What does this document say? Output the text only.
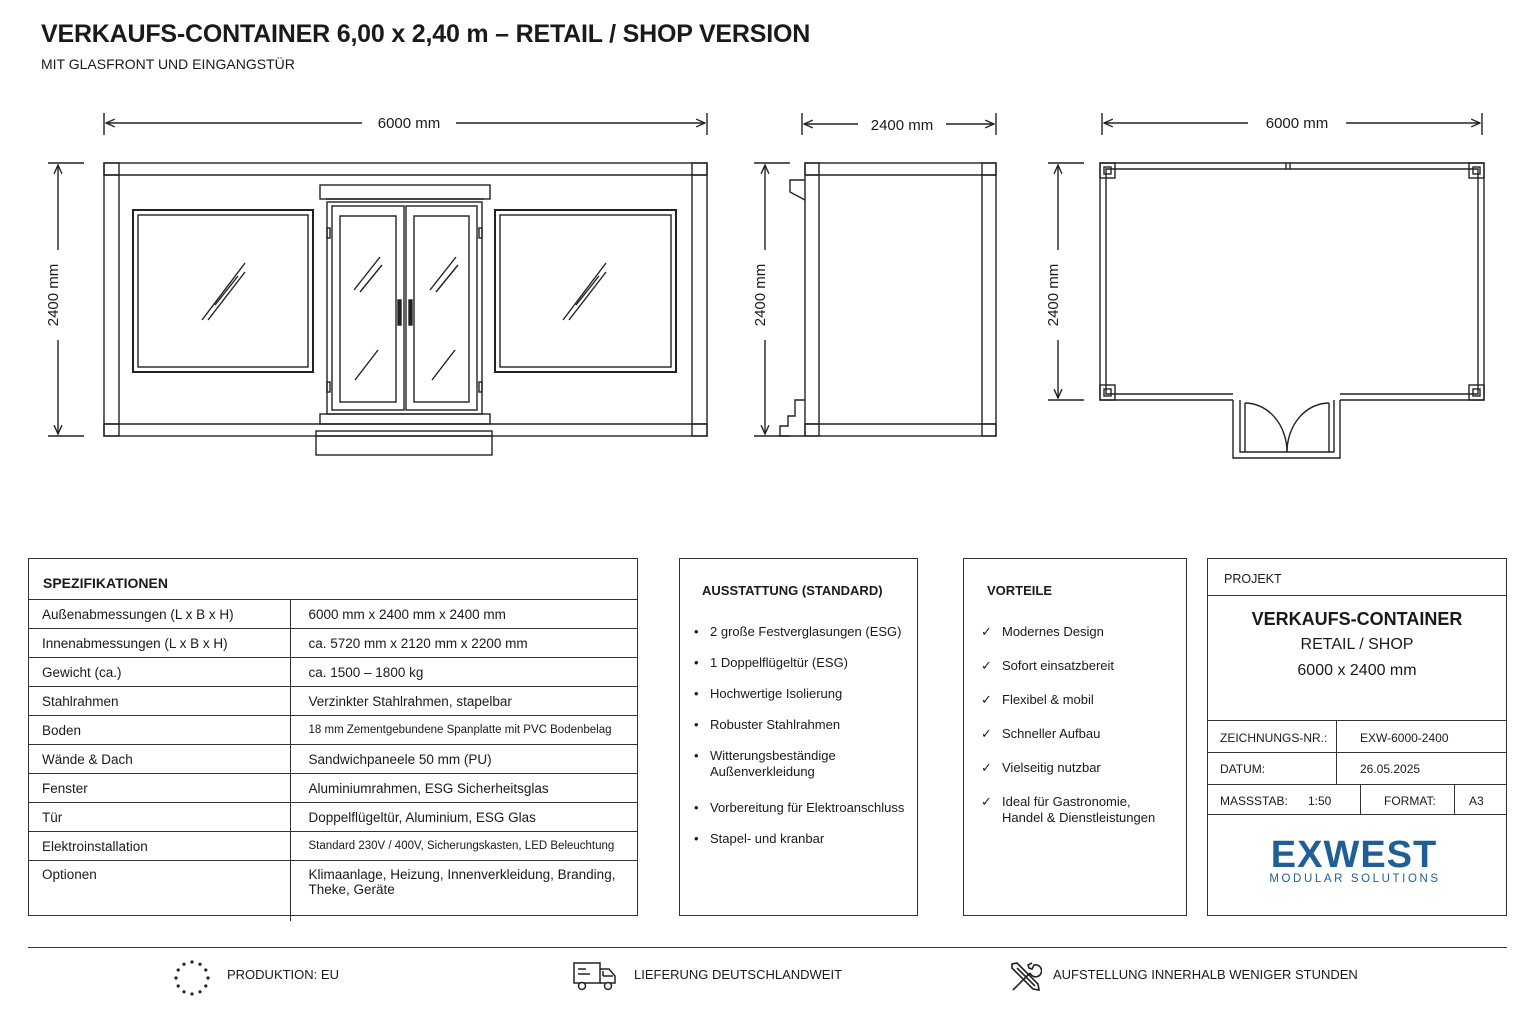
VERKAUFS-CONTAINER 6,00 x 2,40 m – RETAIL / SHOP VERSION
MIT GLASFRONT UND EINGANGSTÜR
6000 mm
2400 mm
2400 mm
2400 mm
6000 mm
2400 mm
SPEZIFIKATIONEN
Außenabmessungen (L x B x H)	6000 mm x 2400 mm x 2400 mm
Innenabmessungen (L x B x H)	ca. 5720 mm x 2120 mm x 2200 mm
Gewicht (ca.)	ca. 1500 – 1800 kg
Stahlrahmen	Verzinkter Stahlrahmen, stapelbar
Boden	18 mm Zementgebundene Spanplatte mit PVC Bodenbelag
Wände & Dach	Sandwichpaneele 50 mm (PU)
Fenster	Aluminiumrahmen, ESG Sicherheitsglas
Tür	Doppelflügeltür, Aluminium, ESG Glas
Elektroinstallation	Standard 230V / 400V, Sicherungskasten, LED Beleuchtung
Optionen	Klimaanlage, Heizung, Innenverkleidung, Branding, Theke, Geräte
AUSSTATTUNG (STANDARD)
• 2 große Festverglasungen (ESG)
• 1 Doppelflügeltür (ESG)
• Hochwertige Isolierung
• Robuster Stahlrahmen
• Witterungsbeständige Außenverkleidung
• Vorbereitung für Elektroanschluss
• Stapel- und kranbar
VORTEILE
✓ Modernes Design
✓ Sofort einsatzbereit
✓ Flexibel & mobil
✓ Schneller Aufbau
✓ Vielseitig nutzbar
✓ Ideal für Gastronomie, Handel & Dienstleistungen
PROJEKT
VERKAUFS-CONTAINER
RETAIL / SHOP
6000 x 2400 mm
ZEICHNUNGS-NR.:	EXW-6000-2400
DATUM:	26.05.2025
MASSSTAB: 1:50	FORMAT:	A3
EXWEST
MODULAR SOLUTIONS
PRODUKTION: EU	LIEFERUNG DEUTSCHLANDWEIT	AUFSTELLUNG INNERHALB WENIGER STUNDEN
